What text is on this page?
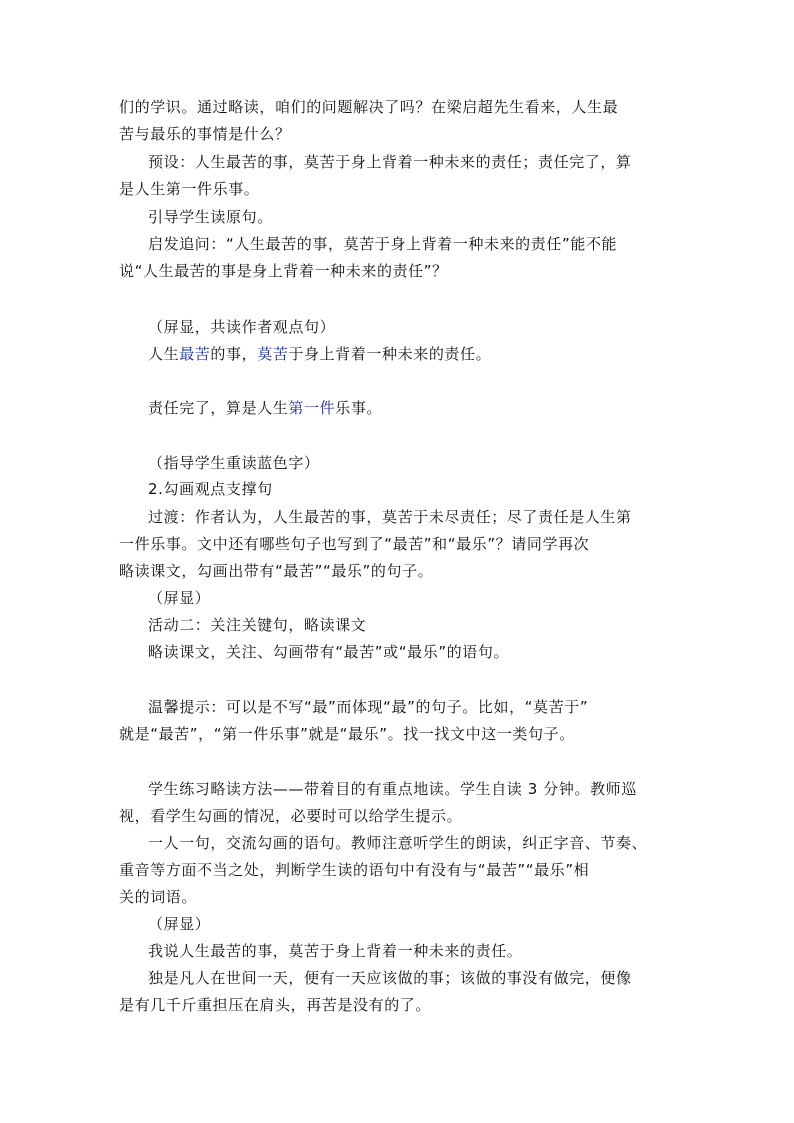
们的学识。通过略读，咱们的问题解决了吗？在梁启超先生看来，人生最
苦与最乐的事情是什么？
预设：人生最苦的事，莫苦于身上背着一种未来的责任；责任完了，算
是人生第一件乐事。
引导学生读原句。
启发追问：“人生最苦的事，莫苦于身上背着一种未来的责任”能不能
说“人生最苦的事是身上背着一种未来的责任”？
（屏显，共读作者观点句）
人生最苦的事，莫苦于身上背着一种未来的责任。
责任完了，算是人生第一件乐事。
（指导学生重读蓝色字）
2.勾画观点支撑句
过渡：作者认为，人生最苦的事，莫苦于未尽责任；尽了责任是人生第
一件乐事。文中还有哪些句子也写到了“最苦”和“最乐”？请同学再次
略读课文，勾画出带有“最苦”“最乐”的句子。
（屏显）
活动二：关注关键句，略读课文
略读课文，关注、勾画带有“最苦”或“最乐”的语句。
温馨提示：可以是不写“最”而体现“最”的句子。比如，“莫苦于”
就是“最苦”，“第一件乐事”就是“最乐”。找一找文中这一类句子。
学生练习略读方法——带着目的有重点地读。学生自读 3 分钟。教师巡
视，看学生勾画的情况，必要时可以给学生提示。
一人一句，交流勾画的语句。教师注意听学生的朗读，纠正字音、节奏、
重音等方面不当之处，判断学生读的语句中有没有与“最苦”“最乐”相
关的词语。
（屏显）
我说人生最苦的事，莫苦于身上背着一种未来的责任。
独是凡人在世间一天，便有一天应该做的事；该做的事没有做完，便像
是有几千斤重担压在肩头，再苦是没有的了。
